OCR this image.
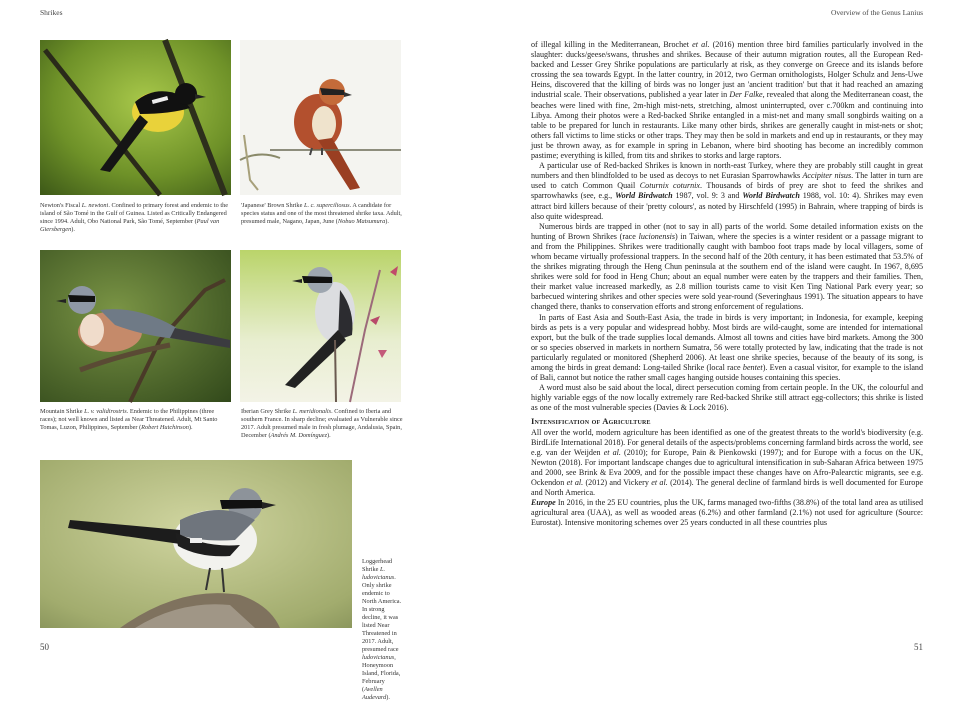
Shrikes
Newton's Fiscal L. newtoni. Confined to primary forest and endemic to the island of São Tomé in the Gulf of Guinea. Listed as Critically Endangered since 1994. Adult, Obo National Park, São Tomé, September (Paul van Giersbergen).
'Japanese' Brown Shrike L. c. superciliosus. A candidate for species status and one of the most threatened shrike taxa. Adult, presumed male, Nagano, Japan, June (Nobuo Matsumura).
Mountain Shrike L. v. validirostris. Endemic to the Philippines (three races); not well known and listed as Near Threatened. Adult, Mt Santo Tomas, Luzon, Philippines, September (Robert Hutchinson).
Iberian Grey Shrike L. meridionalis. Confined to Iberia and southern France. In sharp decline; evaluated as Vulnerable since 2017. Adult presumed male in fresh plumage, Andalusia, Spain, December (Andrés M. Domínguez).
Loggerhead Shrike L. ludovicianus. Only shrike endemic to North America. In strong decline, it was listed Near Threatened in 2017. Adult, presumed race ludovicianus, Honeymoon Island, Florida, February (Avellen Audevard).
50
Overview of the Genus Lanius

of illegal killing in the Mediterranean, Brochet et al. (2016) mention three bird families particularly involved in the slaughter: ducks/geese/swans, thrushes and shrikes. Because of their autumn migration routes, all the European Red-backed and Lesser Grey Shrike populations are particularly at risk, as they converge on Greece and its islands before crossing the sea towards Egypt. In the latter country, in 2012, two German ornithologists, Holger Schulz and Jens-Uwe Heins, discovered that the killing of birds was no longer just an 'ancient tradition' but that it had reached an amazing industrial scale. Their observations, published a year later in Der Falke, revealed that along the Mediterranean coast, the beaches were lined with fine, 2m-high mist-nets, stretching, almost uninterrupted, over c.700km and continuing into Libya. Among their photos were a Red-backed Shrike entangled in a mist-net and many small songbirds waiting on a table to be prepared for lunch in restaurants. Like many other birds, shrikes are generally caught in mist-nets or shot; others fall victims to lime sticks or other traps. They may then be sold in markets and end up in restaurants, or they may just be thrown away, as for example in spring in Lebanon, where bird shooting has become an incredibly common pastime; everything is killed, from tits and shrikes to storks and large raptors.

A particular use of Red-backed Shrikes is known in north-east Turkey, where they are probably still caught in great numbers and then blindfolded to be used as decoys to net Eurasian Sparrowhawks Accipiter nisus. The latter in turn are used to catch Common Quail Coturnix coturnix. Thousands of birds of prey are shot to feed the shrikes and sparrowhawks (see, e.g., World Birdwatch 1987, vol. 9: 3 and World Birdwatch 1988, vol. 10: 4). Shrikes may even attract bird killers because of their 'pretty colours', as noted by Hirschfeld (1995) in Bahrain, where trapping of birds is also quite widespread.

Numerous birds are trapped in other (not to say in all) parts of the world. Some detailed information exists on the hunting of Brown Shrikes (race lucionensis) in Taiwan, where the species is a winter resident or a passage migrant to and from the Philippines. Shrikes were traditionally caught with bamboo foot traps made by local villagers, some of whom became virtually professional trappers. In the second half of the 20th century, it has been estimated that 53.5% of the shrikes migrating through the Heng Chun peninsula at the southern end of the island were caught. In 1967, 8,695 shrikes were sold for food in Heng Chun; about an equal number were eaten by the trappers and their families. Then, their market value increased markedly, as 2.8 million tourists came to visit Ken Ting National Park every year; so barbecued wintering shrikes and other species were sold year-round (Severinghaus 1991). The situation appears to have changed there, thanks to conservation efforts and strong enforcement of regulations.

In parts of East Asia and South-East Asia, the trade in birds is very important; in Indonesia, for example, keeping birds as pets is a very popular and widespread hobby. Most birds are wild-caught, some are intended for international export, but the bulk of the trade supplies local demands. Almost all towns and cities have bird markets. Among the 300 or so species observed in markets in northern Sumatra, 56 were totally protected by law, indicating that the trade is not particularly regulated or monitored (Shepherd 2006). At least one shrike species, because of the beauty of its song, is among the birds in great demand: Long-tailed Shrike (local race bentet). Even a casual visitor, for example to the island of Bali, cannot but notice the rather small cages hanging outside houses containing this species.

A word must also be said about the local, direct persecution coming from certain people. In the UK, the colourful and highly variable eggs of the now locally extremely rare Red-backed Shrike still attract egg-collectors; this shrike is listed as one of the most vulnerable species (Davies & Lock 2016).

Intensification of Agriculture

All over the world, modern agriculture has been identified as one of the greatest threats to the world's biodiversity (e.g. BirdLife International 2018). For general details of the aspects/problems concerning farmland birds across the world, see e.g. van der Weijden et al. (2010); for Europe, Pain & Pienkowski (1997); and for Europe with a focus on the UK, Newton (2018). For important landscape changes due to agricultural intensification in sub-Saharan Africa between 1975 and 2000, see Brink & Eva 2009, and for the possible impact these changes have on Afro-Palearctic migrants, see e.g. Ockendon et al. (2012) and Vickery et al. (2014). The general decline of farmland birds is well documented for Europe and North America.

Europe In 2016, in the 25 EU countries, plus the UK, farms managed two-fifths (38.8%) of the total land area as utilised agricultural area (UAA), as well as wooded areas (6.2%) and other farmland (2.1%) not used for agriculture (Source: Eurostat). Intensive monitoring schemes over 25 years conducted in all these countries plus

51
